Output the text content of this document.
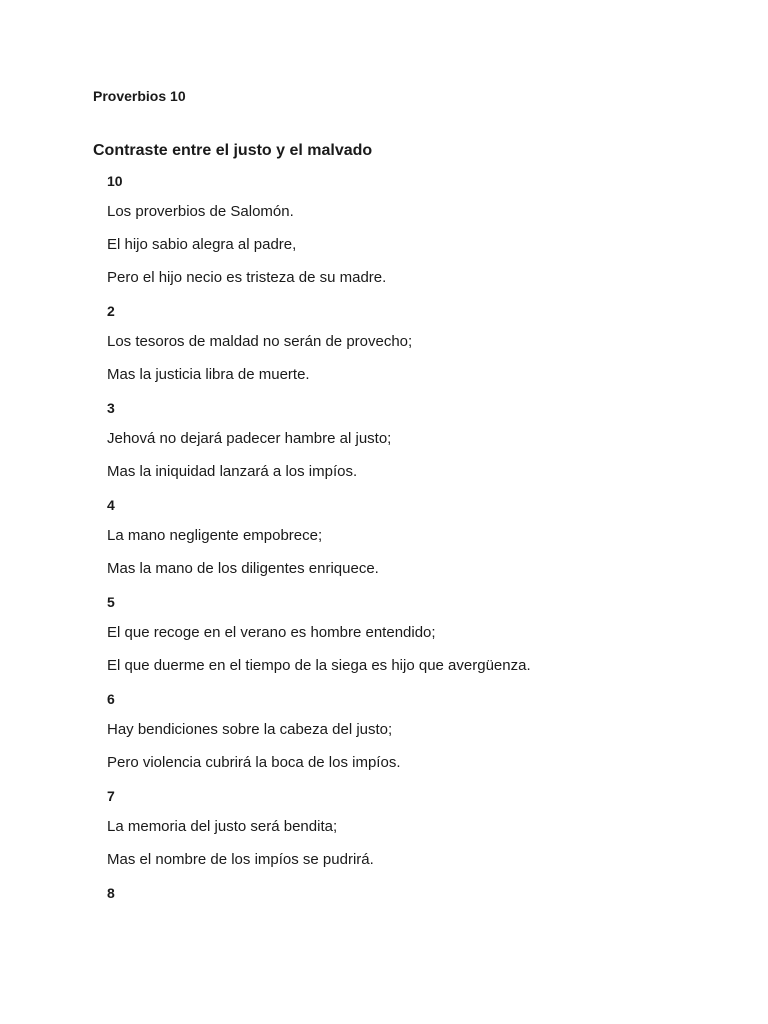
Proverbios 10
Contraste entre el justo y el malvado
10
Los proverbios de Salomón.
El hijo sabio alegra al padre,
Pero el hijo necio es tristeza de su madre.
2
Los tesoros de maldad no serán de provecho;
Mas la justicia libra de muerte.
3
Jehová no dejará padecer hambre al justo;
Mas la iniquidad lanzará a los impíos.
4
La mano negligente empobrece;
Mas la mano de los diligentes enriquece.
5
El que recoge en el verano es hombre entendido;
El que duerme en el tiempo de la siega es hijo que avergüenza.
6
Hay bendiciones sobre la cabeza del justo;
Pero violencia cubrirá la boca de los impíos.
7
La memoria del justo será bendita;
Mas el nombre de los impíos se pudrirá.
8
